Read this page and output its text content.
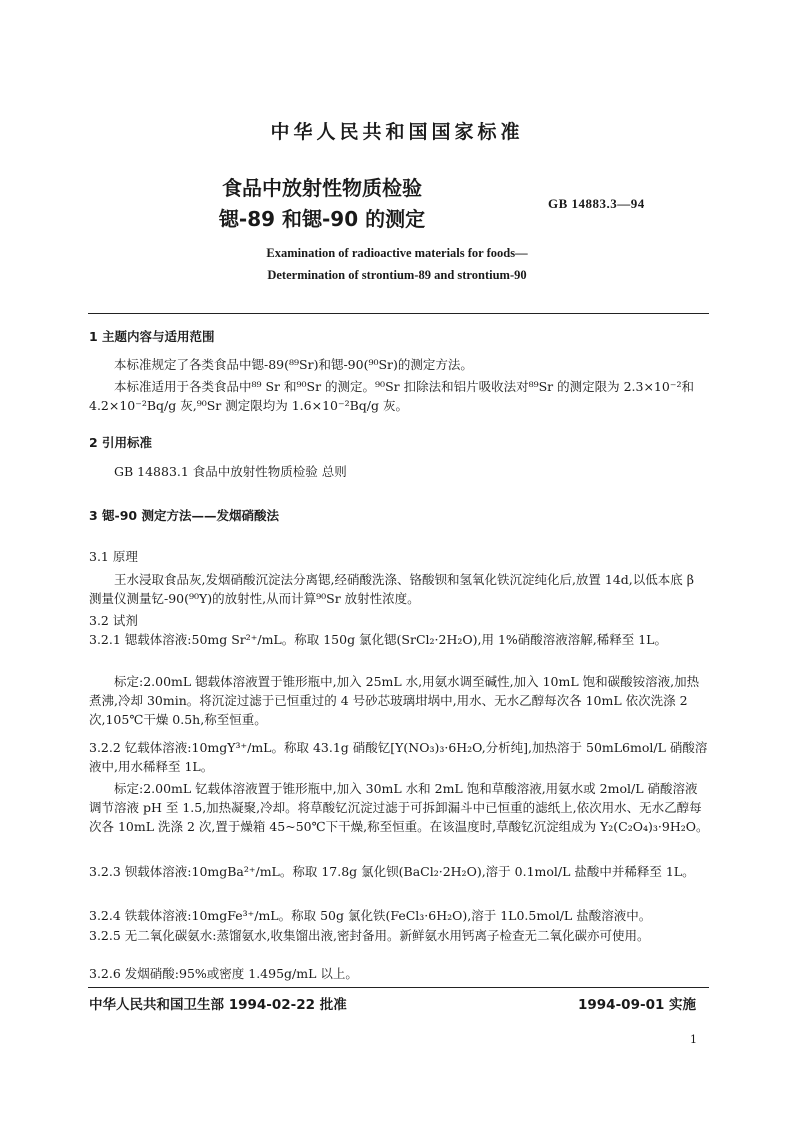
中华人民共和国国家标准
食品中放射性物质检验
锶-89 和锶-90 的测定
GB 14883.3—94
Examination of radioactive materials for foods—
Determination of strontium-89 and strontium-90
1 主题内容与适用范围
本标准规定了各类食品中锶-89(⁸⁹Sr)和锶-90(⁹⁰Sr)的测定方法。
本标准适用于各类食品中⁸⁹ Sr 和⁹⁰Sr 的测定。⁹⁰Sr 扣除法和铝片吸收法对⁸⁹Sr 的测定限为 2.3×10⁻²和 4.2×10⁻²Bq/g 灰,⁹⁰Sr 测定限均为 1.6×10⁻²Bq/g 灰。
2 引用标准
GB 14883.1 食品中放射性物质检验 总则
3 锶-90 测定方法——发烟硝酸法
3.1 原理
王水浸取食品灰,发烟硝酸沉淀法分离锶,经硝酸洗涤、铬酸钡和氢氧化铁沉淀纯化后,放置 14d,以低本底 β 测量仪测量钇-90(⁹⁰Y)的放射性,从而计算⁹⁰Sr 放射性浓度。
3.2 试剂
3.2.1 锶载体溶液:50mg Sr²⁺/mL。称取 150g 氯化锶(SrCl₂·2H₂O),用 1%硝酸溶液溶解,稀释至 1L。
标定:2.00mL 锶载体溶液置于锥形瓶中,加入 25mL 水,用氨水调至碱性,加入 10mL 饱和碳酸铵溶液,加热煮沸,冷却 30min。将沉淀过滤于已恒重过的 4 号砂芯玻璃坩埚中,用水、无水乙醇每次各 10mL 依次洗涤 2 次,105℃干燥 0.5h,称至恒重。
3.2.2 钇载体溶液:10mgY³⁺/mL。称取 43.1g 硝酸钇[Y(NO₃)₃·6H₂O,分析纯],加热溶于 50mL6mol/L 硝酸溶液中,用水稀释至 1L。
标定:2.00mL 钇载体溶液置于锥形瓶中,加入 30mL 水和 2mL 饱和草酸溶液,用氨水或 2mol/L 硝酸溶液调节溶液 pH 至 1.5,加热凝聚,冷却。将草酸钇沉淀过滤于可拆卸漏斗中已恒重的滤纸上,依次用水、无水乙醇每次各 10mL 洗涤 2 次,置于燥箱 45~50℃下干燥,称至恒重。在该温度时,草酸钇沉淀组成为 Y₂(C₂O₄)₃·9H₂O。
3.2.3 钡载体溶液:10mgBa²⁺/mL。称取 17.8g 氯化钡(BaCl₂·2H₂O),溶于 0.1mol/L 盐酸中并稀释至 1L。
3.2.4 铁载体溶液:10mgFe³⁺/mL。称取 50g 氯化铁(FeCl₃·6H₂O),溶于 1L0.5mol/L 盐酸溶液中。
3.2.5 无二氧化碳氨水:蒸馏氨水,收集馏出液,密封备用。新鲜氨水用钙离子检查无二氧化碳亦可使用。
3.2.6 发烟硝酸:95%或密度 1.495g/mL 以上。
中华人民共和国卫生部 1994-02-22 批准	1994-09-01 实施
1
